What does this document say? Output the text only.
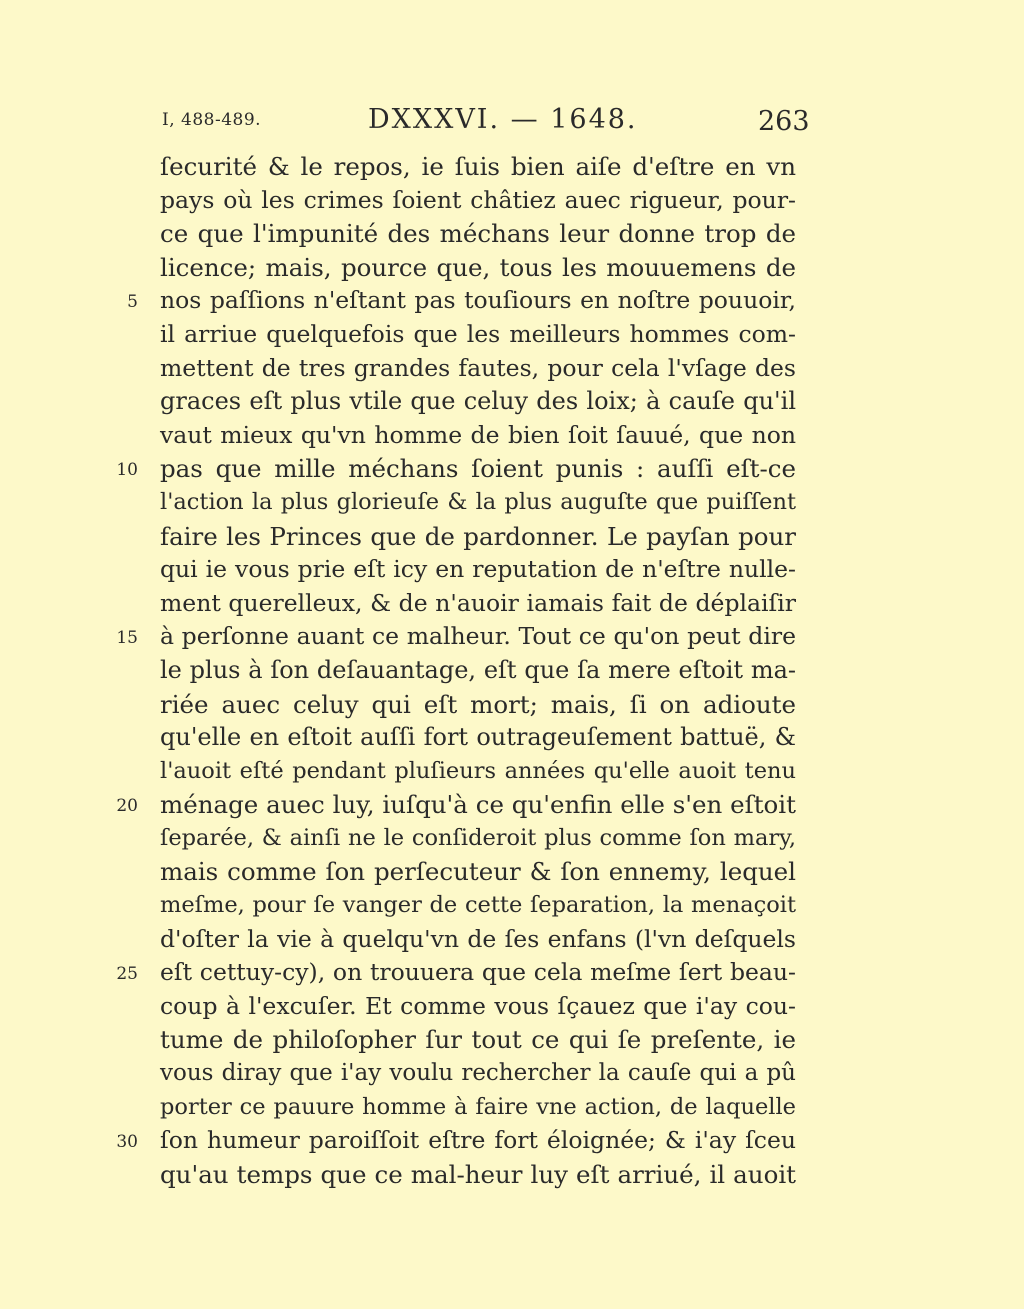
I, 488-489.	DXXXVI. — 1648.	263
ſecurité & le repos, ie ſuis bien aiſe d'eſtre en vn
pays où les crimes ſoient châtiez auec rigueur, pour-
ce que l'impunité des méchans leur donne trop de
licence; mais, pource que, tous les mouuemens de
5 nos paſſions n'eſtant pas touſiours en noſtre pouuoir,
il arriue quelquefois que les meilleurs hommes com-
mettent de tres grandes fautes, pour cela l'vſage des
graces eſt plus vtile que celuy des loix; à cauſe qu'il
vaut mieux qu'vn homme de bien ſoit ſauué, que non
10 pas que mille méchans ſoient punis : auſſi eſt-ce
l'action la plus glorieuſe & la plus auguſte que puiſſent
faire les Princes que de pardonner. Le payſan pour
qui ie vous prie eſt icy en reputation de n'eſtre nulle-
ment querelleux, & de n'auoir iamais fait de déplaiſir
15 à perſonne auant ce malheur. Tout ce qu'on peut dire
le plus à ſon deſauantage, eſt que ſa mere eſtoit ma-
riée auec celuy qui eſt mort; mais, ſi on adioute
qu'elle en eſtoit auſſi fort outrageuſement battuë, &
l'auoit eſté pendant pluſieurs années qu'elle auoit tenu
20 ménage auec luy, iuſqu'à ce qu'enfin elle s'en eſtoit
ſeparée, & ainſi ne le conſideroit plus comme ſon mary,
mais comme ſon perſecuteur & ſon ennemy, lequel
meſme, pour ſe vanger de cette ſeparation, la menaçoit
d'oſter la vie à quelqu'vn de ſes enfans (l'vn deſquels
25 eſt cettuy-cy), on trouuera que cela meſme ſert beau-
coup à l'excuſer. Et comme vous ſçauez que i'ay cou-
tume de philoſopher ſur tout ce qui ſe preſente, ie
vous diray que i'ay voulu rechercher la cauſe qui a pû
porter ce pauure homme à faire vne action, de laquelle
30 ſon humeur paroiſſoit eſtre fort éloignée; & i'ay ſceu
qu'au temps que ce mal-heur luy eſt arriué, il auoit
